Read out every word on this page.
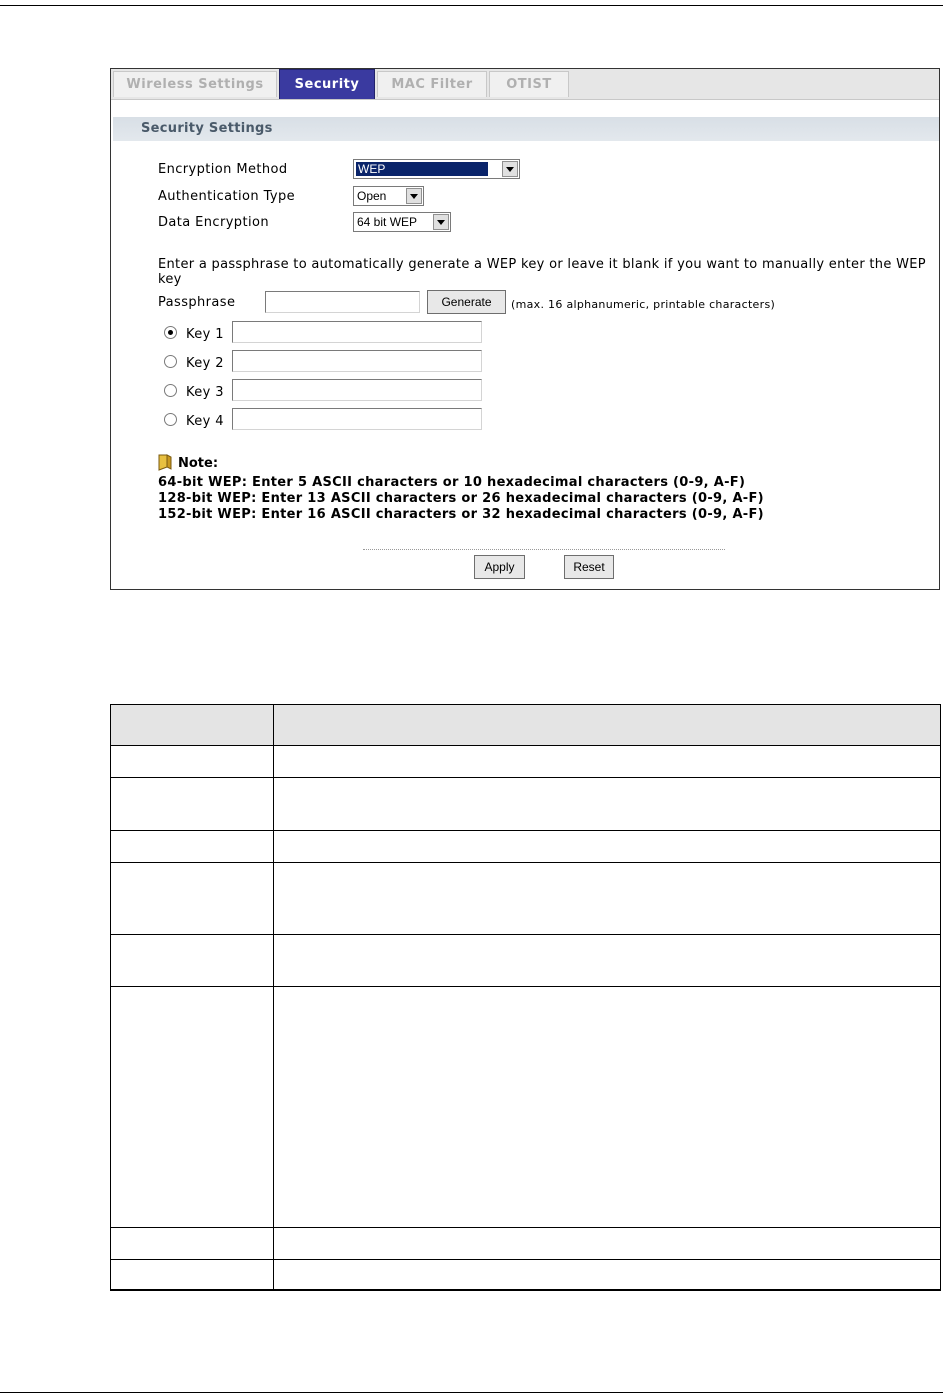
Wireless Settings	Security	MAC Filter	OTIST
Security Settings
Encryption Method	WEP
Authentication Type	Open
Data Encryption	64 bit WEP
Enter a passphrase to automatically generate a WEP key or leave it blank if you want to manually enter the WEP key
Passphrase	Generate	(max. 16 alphanumeric, printable characters)
Key 1
Key 2
Key 3
Key 4
Note:
64-bit WEP: Enter 5 ASCII characters or 10 hexadecimal characters (0-9, A-F)
128-bit WEP: Enter 13 ASCII characters or 26 hexadecimal characters (0-9, A-F)
152-bit WEP: Enter 16 ASCII characters or 32 hexadecimal characters (0-9, A-F)
Apply	Reset
